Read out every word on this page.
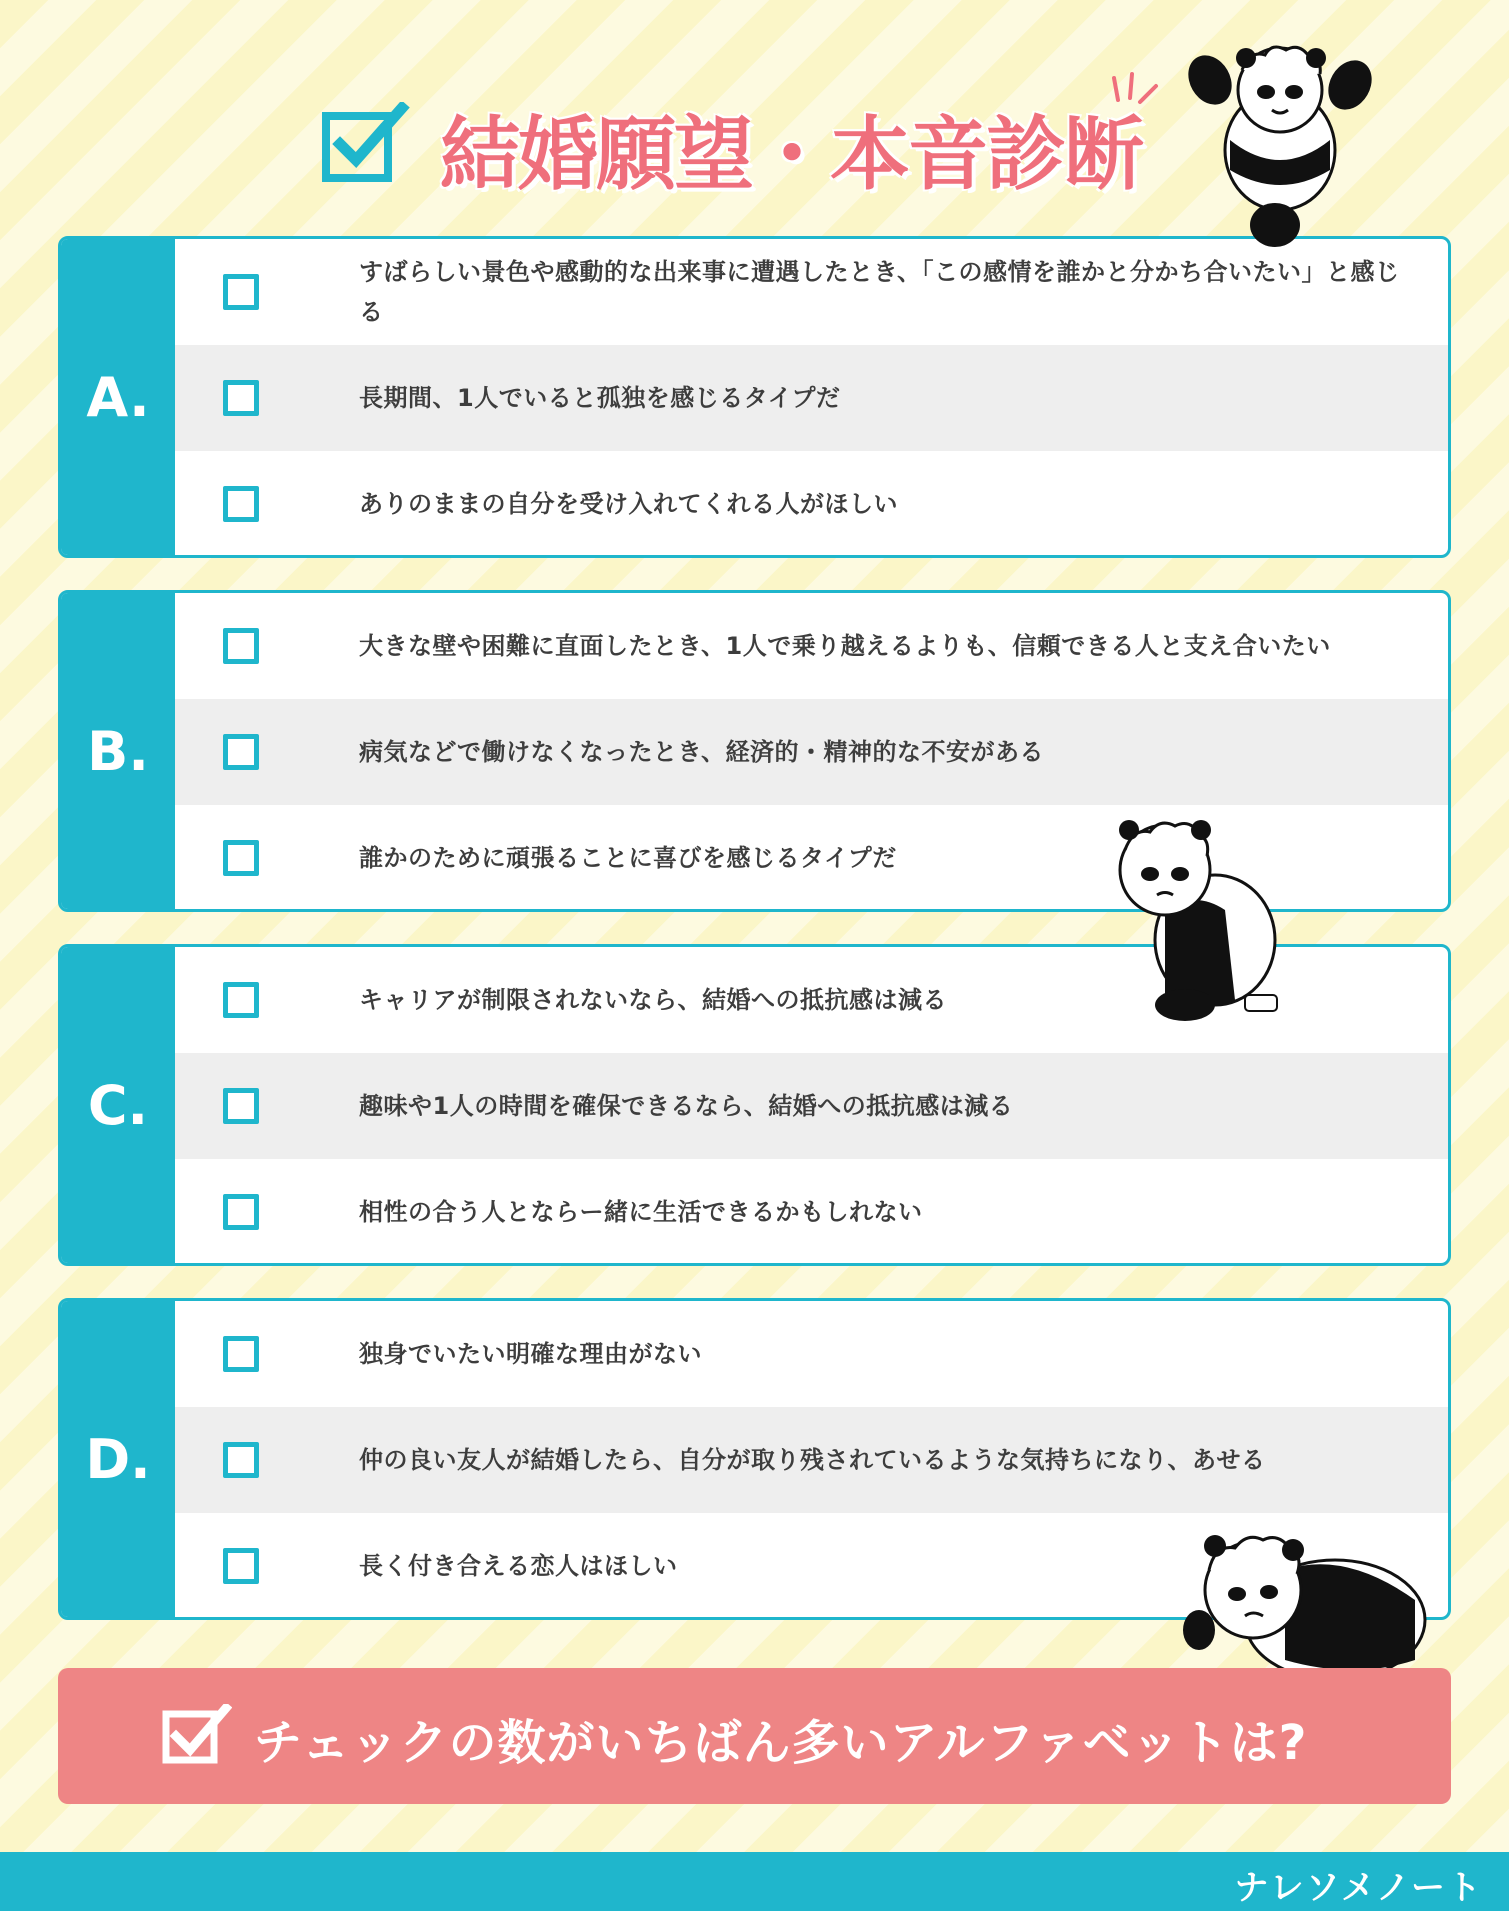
結婚願望・本音診断
A.
すばらしい景色や感動的な出来事に遭遇したとき、「この感情を誰かと分かち合いたい」と感じる
長期間、1人でいると孤独を感じるタイプだ
ありのままの自分を受け入れてくれる人がほしい
B.
大きな壁や困難に直面したとき、1人で乗り越えるよりも、信頼できる人と支え合いたい
病気などで働けなくなったとき、経済的・精神的な不安がある
誰かのために頑張ることに喜びを感じるタイプだ
C.
キャリアが制限されないなら、結婚への抵抗感は減る
趣味や1人の時間を確保できるなら、結婚への抵抗感は減る
相性の合う人とならー緒に生活できるかもしれない
D.
独身でいたい明確な理由がない
仲の良い友人が結婚したら、自分が取り残されているような気持ちになり、あせる
長く付き合える恋人はほしい
チェックの数がいちばん多いアルファベットは?
ナレソメノート
